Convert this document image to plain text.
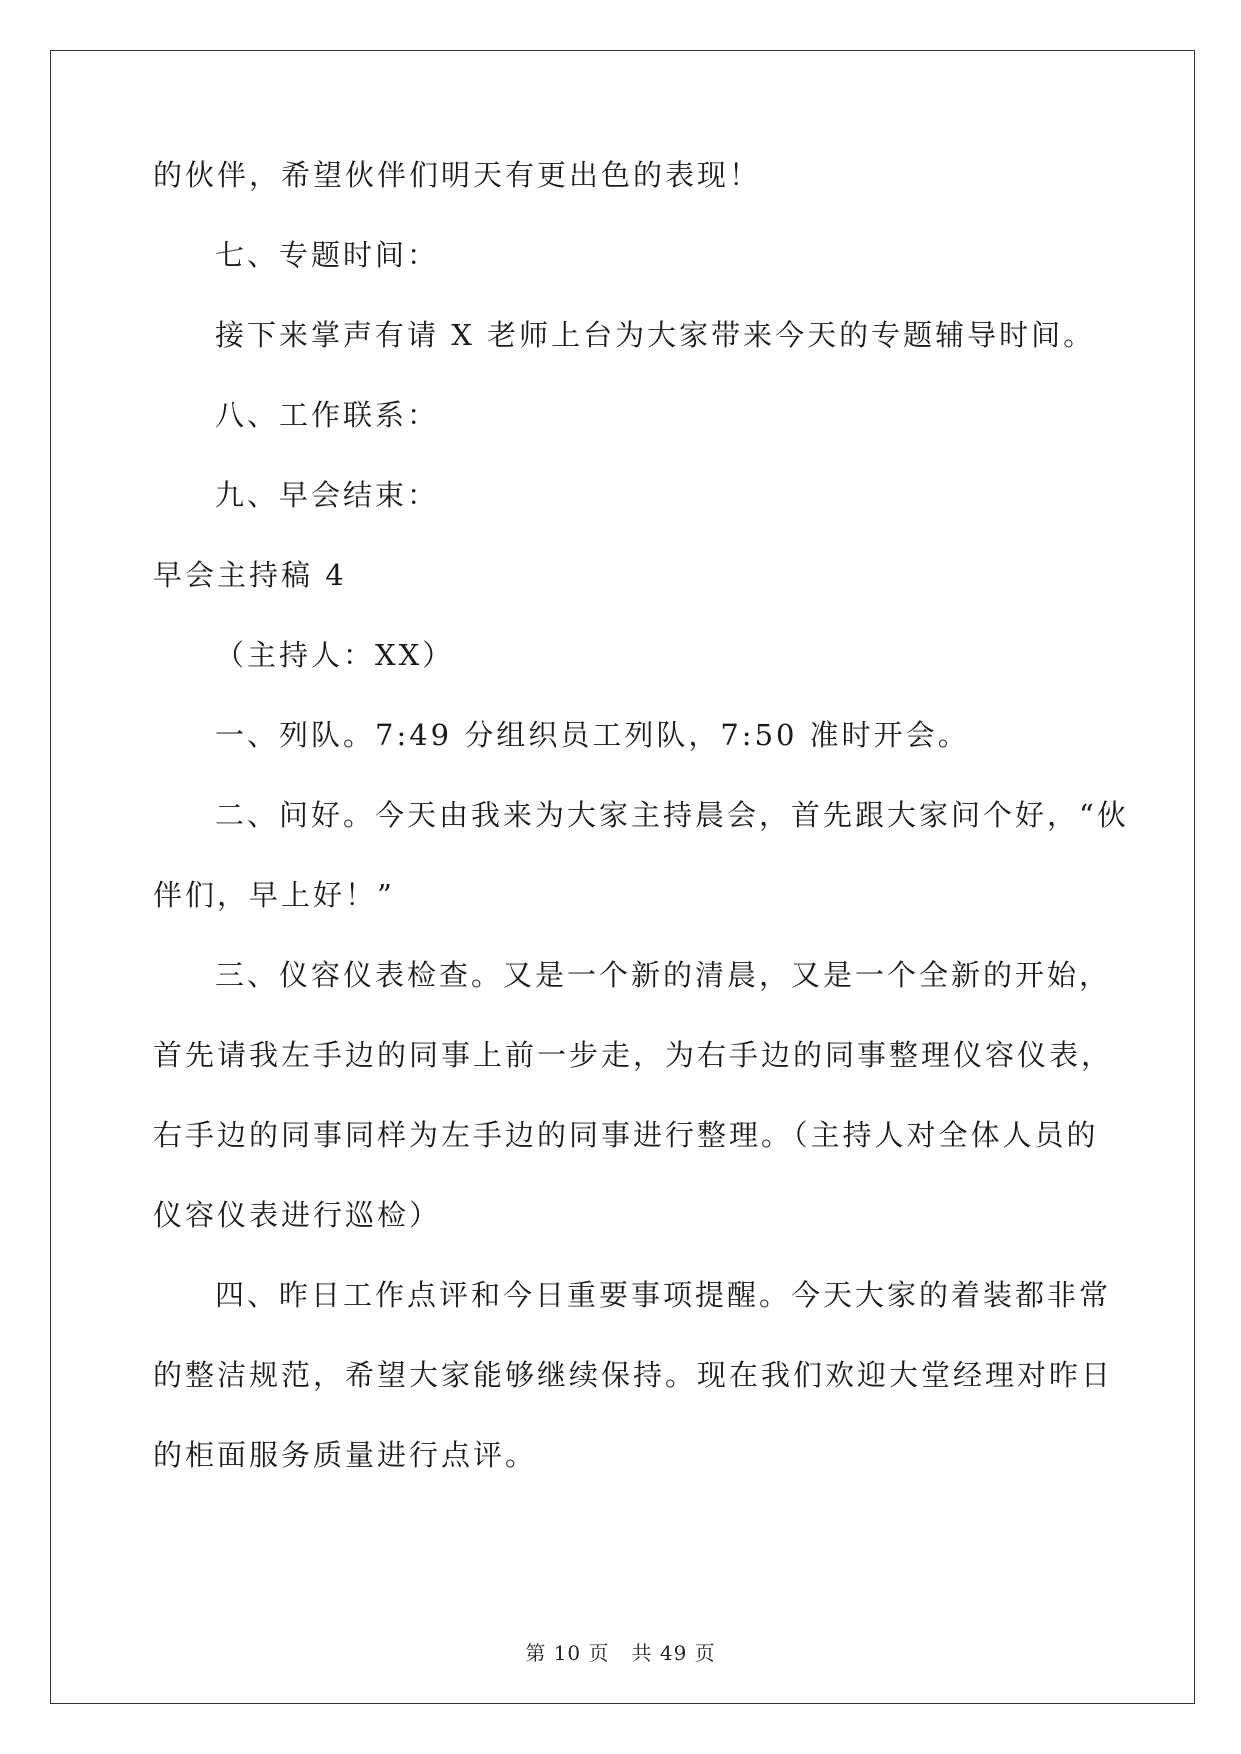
的伙伴，希望伙伴们明天有更出色的表现！

七、专题时间：

接下来掌声有请 X 老师上台为大家带来今天的专题辅导时间。

八、工作联系：

九、早会结束：

早会主持稿 4

（主持人：XX）

一、列队。7:49 分组织员工列队，7:50 准时开会。

二、问好。今天由我来为大家主持晨会，首先跟大家问个好，“伙

伴们，早上好！”

三、仪容仪表检查。又是一个新的清晨，又是一个全新的开始，

首先请我左手边的同事上前一步走，为右手边的同事整理仪容仪表，

右手边的同事同样为左手边的同事进行整理。（主持人对全体人员的

仪容仪表进行巡检）

四、昨日工作点评和今日重要事项提醒。今天大家的着装都非常

的整洁规范，希望大家能够继续保持。现在我们欢迎大堂经理对昨日

的柜面服务质量进行点评。

第 10 页 共 49 页
